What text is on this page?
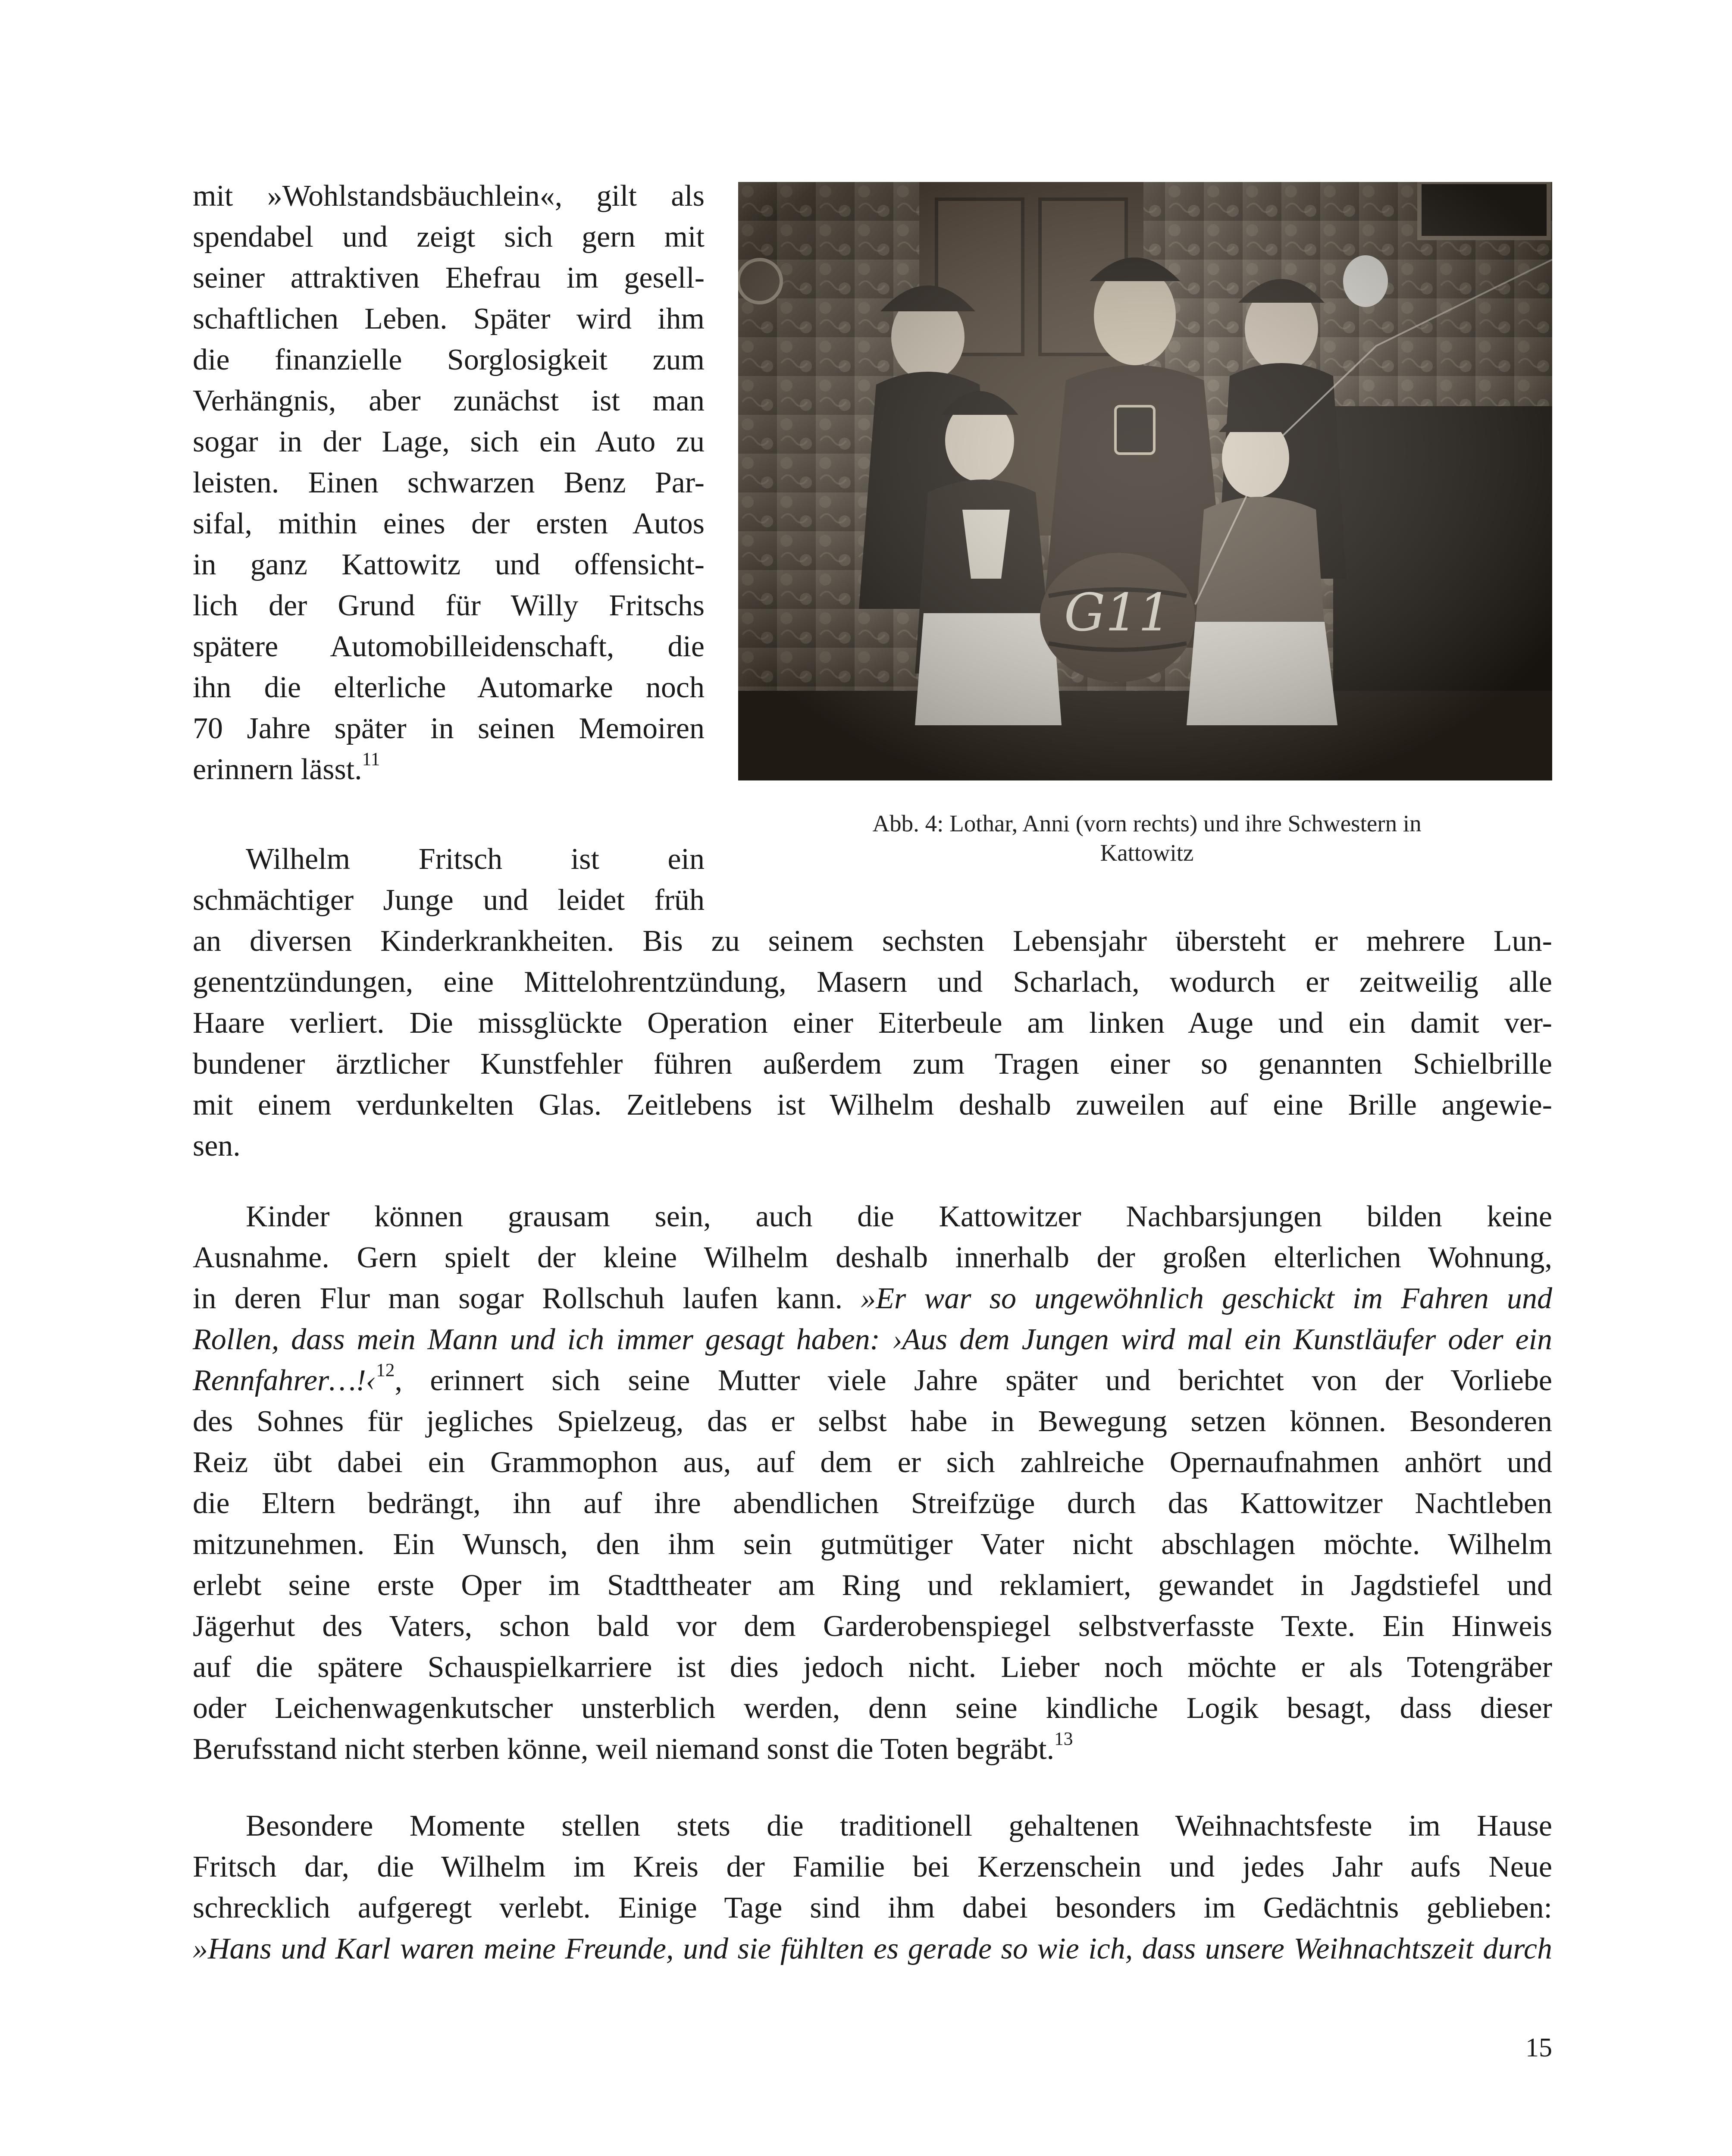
mit »Wohlstandsbäuchlein«, gilt als
spendabel und zeigt sich gern mit
seiner attraktiven Ehefrau im gesell-
schaftlichen Leben. Später wird ihm
die finanzielle Sorglosigkeit zum
Verhängnis, aber zunächst ist man
sogar in der Lage, sich ein Auto zu
leisten. Einen schwarzen Benz Par-
sifal, mithin eines der ersten Autos
in ganz Kattowitz und offensicht-
lich der Grund für Willy Fritschs
spätere Automobilleidenschaft, die
ihn die elterliche Automarke noch
70 Jahre später in seinen Memoiren
erinnern lässt.$^{11}$
Abb. 4: Lothar, Anni (vorn rechts) und ihre Schwestern in
Kattowitz
Wilhelm Fritsch ist ein
schmächtiger Junge und leidet früh
an diversen Kinderkrankheiten. Bis zu seinem sechsten Lebensjahr übersteht er mehrere Lun-
genentzündungen, eine Mittelohrentzündung, Masern und Scharlach, wodurch er zeitweilig alle
Haare verliert. Die missglückte Operation einer Eiterbeule am linken Auge und ein damit ver-
bundener ärztlicher Kunstfehler führen außerdem zum Tragen einer so genannten Schielbrille
mit einem verdunkelten Glas. Zeitlebens ist Wilhelm deshalb zuweilen auf eine Brille angewie-
sen.
Kinder können grausam sein, auch die Kattowitzer Nachbarsjungen bilden keine
Ausnahme. Gern spielt der kleine Wilhelm deshalb innerhalb der großen elterlichen Wohnung,
in deren Flur man sogar Rollschuh laufen kann. »Er war so ungewöhnlich geschickt im Fahren und
Rollen, dass mein Mann und ich immer gesagt haben: ›Aus dem Jungen wird mal ein Kunstläufer oder ein
Rennfahrer…!‹$^{12}$, erinnert sich seine Mutter viele Jahre später und berichtet von der Vorliebe
des Sohnes für jegliches Spielzeug, das er selbst habe in Bewegung setzen können. Besonderen
Reiz übt dabei ein Grammophon aus, auf dem er sich zahlreiche Opernaufnahmen anhört und
die Eltern bedrängt, ihn auf ihre abendlichen Streifzüge durch das Kattowitzer Nachtleben
mitzunehmen. Ein Wunsch, den ihm sein gutmütiger Vater nicht abschlagen möchte. Wilhelm
erlebt seine erste Oper im Stadttheater am Ring und reklamiert, gewandet in Jagdstiefel und
Jägerhut des Vaters, schon bald vor dem Garderobenspiegel selbstverfasste Texte. Ein Hinweis
auf die spätere Schauspielkarriere ist dies jedoch nicht. Lieber noch möchte er als Totengräber
oder Leichenwagenkutscher unsterblich werden, denn seine kindliche Logik besagt, dass dieser
Berufsstand nicht sterben könne, weil niemand sonst die Toten begräbt.$^{13}$
Besondere Momente stellen stets die traditionell gehaltenen Weihnachtsfeste im Hause
Fritsch dar, die Wilhelm im Kreis der Familie bei Kerzenschein und jedes Jahr aufs Neue
schrecklich aufgeregt verlebt. Einige Tage sind ihm dabei besonders im Gedächtnis geblieben:
»Hans und Karl waren meine Freunde, und sie fühlten es gerade so wie ich, dass unsere Weihnachtszeit durch
15
